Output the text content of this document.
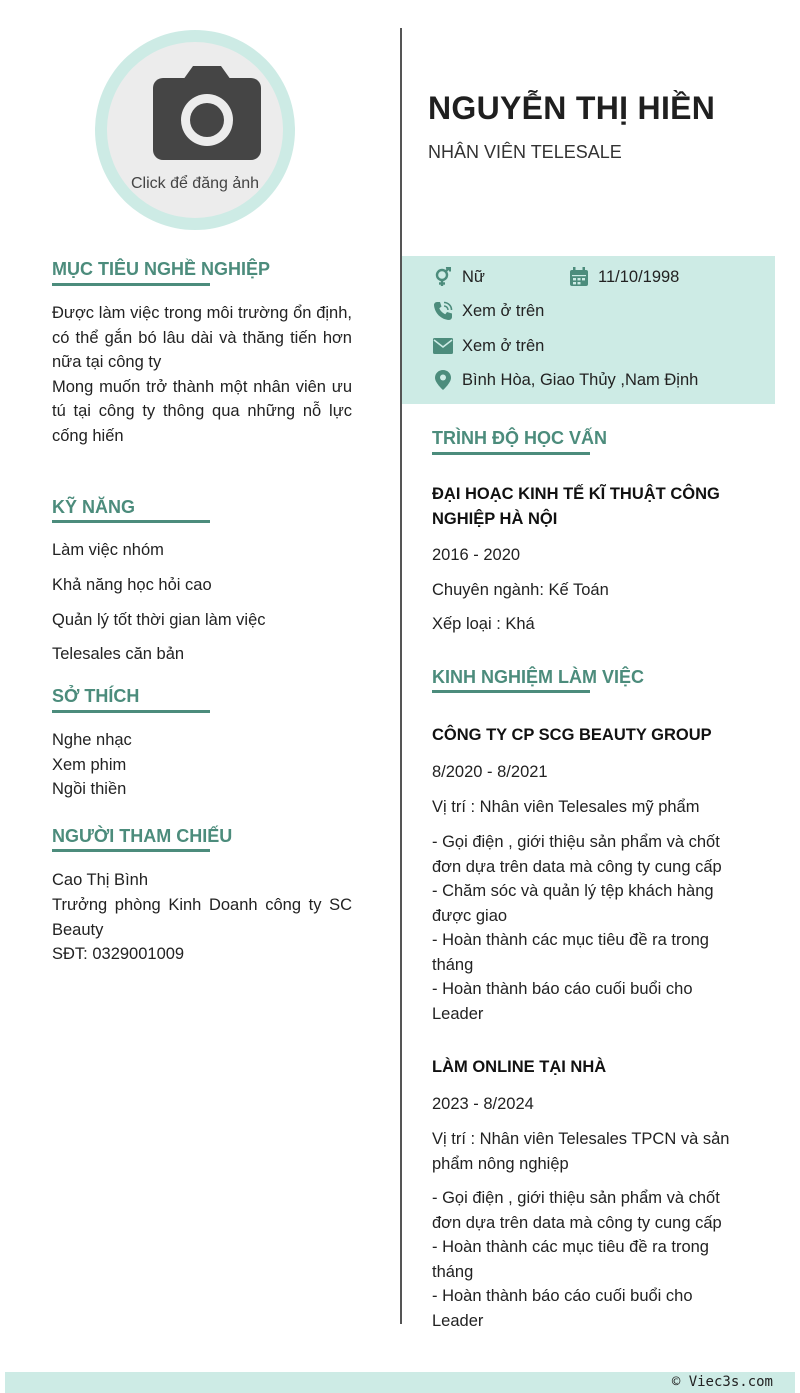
Click để đăng ảnh
MỤC TIÊU NGHỀ NGHIỆP
Được làm việc trong môi trường ổn định, có thể gắn bó lâu dài và thăng tiến hơn nữa tại công ty
Mong muốn trở thành một nhân viên ưu tú tại công ty thông qua những nỗ lực cống hiến
KỸ NĂNG
Làm việc nhóm
Khả năng học hỏi cao
Quản lý tốt thời gian làm việc
Telesales căn bản
SỞ THÍCH
Nghe nhạc
Xem phim
Ngồi thiền
NGƯỜI THAM CHIẾU
Cao Thị Bình
Trưởng phòng Kinh Doanh công ty SC Beauty
SĐT: 0329001009
NGUYỄN THỊ HIỀN
NHÂN VIÊN TELESALE
Nữ	11/10/1998
Xem ở trên
Xem ở trên
Bình Hòa, Giao Thủy ,Nam Định
TRÌNH ĐỘ HỌC VẤN
ĐẠI HOẠC KINH TẾ KĨ THUẬT CÔNG NGHIỆP HÀ NỘI
2016 - 2020
Chuyên ngành: Kế Toán
Xếp loại : Khá
KINH NGHIỆM LÀM VIỆC
CÔNG TY CP SCG BEAUTY GROUP
8/2020 - 8/2021
Vị trí : Nhân viên Telesales mỹ phẩm
- Gọi điện , giới thiệu sản phẩm và chốt đơn dựa trên data mà công ty cung cấp
- Chăm sóc và quản lý tệp khách hàng được giao
- Hoàn thành các mục tiêu đề ra trong tháng
- Hoàn thành báo cáo cuối buổi cho Leader
LÀM ONLINE TẠI NHÀ
2023 - 8/2024
Vị trí : Nhân viên Telesales TPCN và sản phẩm nông nghiệp
- Gọi điện , giới thiệu sản phẩm và chốt đơn dựa trên data mà công ty cung cấp
- Hoàn thành các mục tiêu đề ra trong tháng
- Hoàn thành báo cáo cuối buổi cho Leader
© Viec3s.com
